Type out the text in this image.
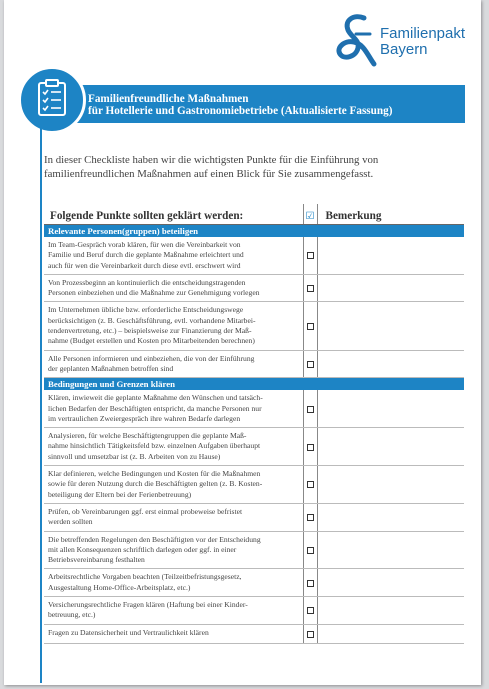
Familienpakt
Bayern
Familienfreundliche Maßnahmen
für Hotellerie und Gastronomiebetriebe (Aktualisierte Fassung)
In dieser Checkliste haben wir die wichtigsten Punkte für die Einführung von
familienfreundlichen Maßnahmen auf einen Blick für Sie zusammengefasst.
Folgende Punkte sollten geklärt werden:	☑	Bemerkung
Relevante Personen(gruppen) beteiligen		

Im Team-Gespräch vorab klären, für wen die Vereinbarkeit von
Familie und Beruf durch die geplante Maßnahme erleichtert und
auch für wen die Vereinbarkeit durch diese evtl. erschwert wird		

Von Prozessbeginn an kontinuierlich die entscheidungstragenden
Personen einbeziehen und die Maßnahme zur Genehmigung vorlegen		

Im Unternehmen übliche bzw. erforderliche Entscheidungswege
berücksichtigen (z. B. Geschäftsführung, evtl. vorhandene Mitarbei-
tendenvertretung, etc.) – beispielsweise zur Finanzierung der Maß-
nahme (Budget erstellen und Kosten pro Mitarbeitenden berechnen)		

Alle Personen informieren und einbeziehen, die von der Einführung
der geplanten Maßnahmen betroffen sind		

Bedingungen und Grenzen klären		

Klären, inwieweit die geplante Maßnahme den Wünschen und tatsäch-
lichen Bedarfen der Beschäftigten entspricht, da manche Personen nur
im vertraulichen Zweiergespräch ihre wahren Bedarfe darlegen		

Analysieren, für welche Beschäftigtengruppen die geplante Maß-
nahme hinsichtlich Tätigkeitsfeld bzw. einzelnen Aufgaben überhaupt
sinnvoll und umsetzbar ist (z. B. Arbeiten von zu Hause)		

Klar definieren, welche Bedingungen und Kosten für die Maßnahmen
sowie für deren Nutzung durch die Beschäftigten gelten (z. B. Kosten-
beteiligung der Eltern bei der Ferienbetreuung)		

Prüfen, ob Vereinbarungen ggf. erst einmal probeweise befristet
werden sollten		

Die betreffenden Regelungen den Beschäftigten vor der Entscheidung
mit allen Konsequenzen schriftlich darlegen oder ggf. in einer
Betriebsvereinbarung festhalten		

Arbeitsrechtliche Vorgaben beachten (Teilzeitbefristungsgesetz,
Ausgestaltung Home-Office-Arbeitsplatz, etc.)		

Versicherungsrechtliche Fragen klären (Haftung bei einer Kinder-
betreuung, etc.)		

Fragen zu Datensicherheit und Vertraulichkeit klären		
